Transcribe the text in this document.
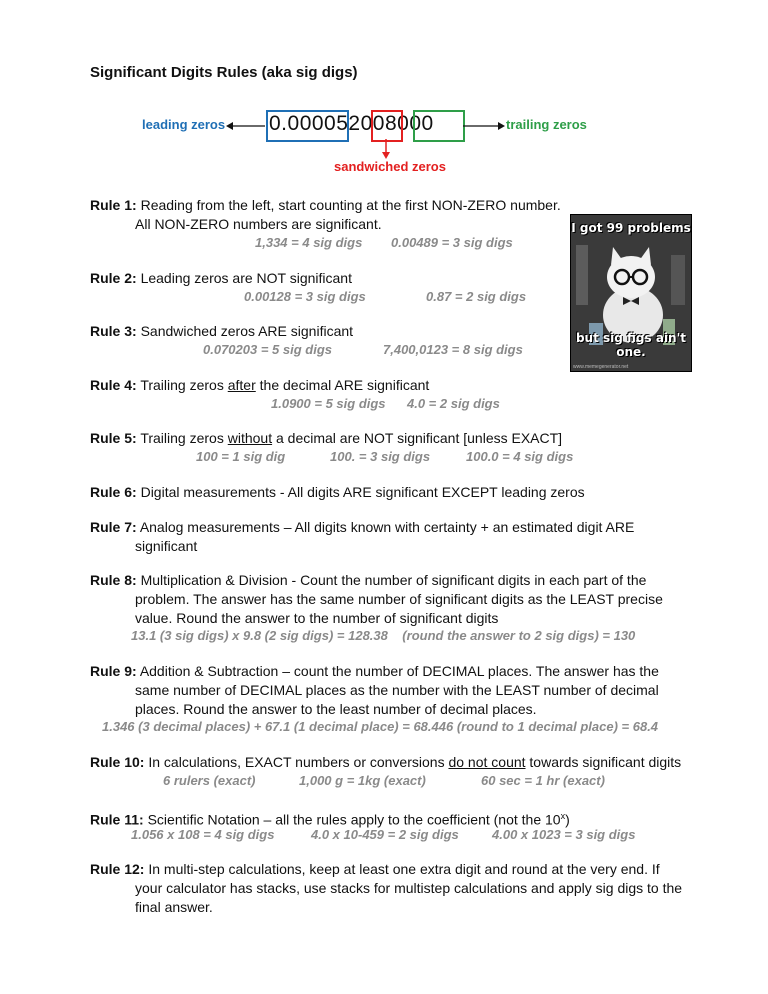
Significant Digits Rules (aka sig digs)
0.000052008000
leading zeros	trailing zeros
sandwiched zeros
I got 99 problems
but sig figs ain't one.
www.memegenerator.net
Rule 1: Reading from the left, start counting at the first NON-ZERO number.
All NON-ZERO numbers are significant.
1,334 = 4 sig digs 0.00489 = 3 sig digs
Rule 2: Leading zeros are NOT significant
0.00128 = 3 sig digs	0.87 = 2 sig digs
Rule 3: Sandwiched zeros ARE significant
0.070203 = 5 sig digs	7,400,0123 = 8 sig digs
Rule 4: Trailing zeros after the decimal ARE significant
1.0900 = 5 sig digs 4.0 = 2 sig digs
Rule 5: Trailing zeros without a decimal are NOT significant [unless EXACT]
100 = 1 sig dig	100. = 3 sig digs	100.0 = 4 sig digs
Rule 6: Digital measurements - All digits ARE significant EXCEPT leading zeros
Rule 7: Analog measurements – All digits known with certainty + an estimated digit ARE
significant
Rule 8: Multiplication & Division - Count the number of significant digits in each part of the
problem. The answer has the same number of significant digits as the LEAST precise
value. Round the answer to the number of significant digits
13.1 (3 sig digs) x 9.8 (2 sig digs) = 128.38    (round the answer to 2 sig digs) = 130
Rule 9: Addition & Subtraction – count the number of DECIMAL places. The answer has the
same number of DECIMAL places as the number with the LEAST number of decimal
places. Round the answer to the least number of decimal places.
1.346 (3 decimal places) + 67.1 (1 decimal place) = 68.446 (round to 1 decimal place) = 68.4
Rule 10: In calculations, EXACT numbers or conversions do not count towards significant digits
6 rulers (exact)	1,000 g = 1kg (exact)	60 sec = 1 hr (exact)
Rule 11: Scientific Notation – all the rules apply to the coefficient (not the 10$^x$)
1.056 x 108 = 4 sig digs	4.0 x 10-459 = 2 sig digs	4.00 x 1023 = 3 sig digs
Rule 12: In multi-step calculations, keep at least one extra digit and round at the very end. If
your calculator has stacks, use stacks for multistep calculations and apply sig digs to the
final answer.
